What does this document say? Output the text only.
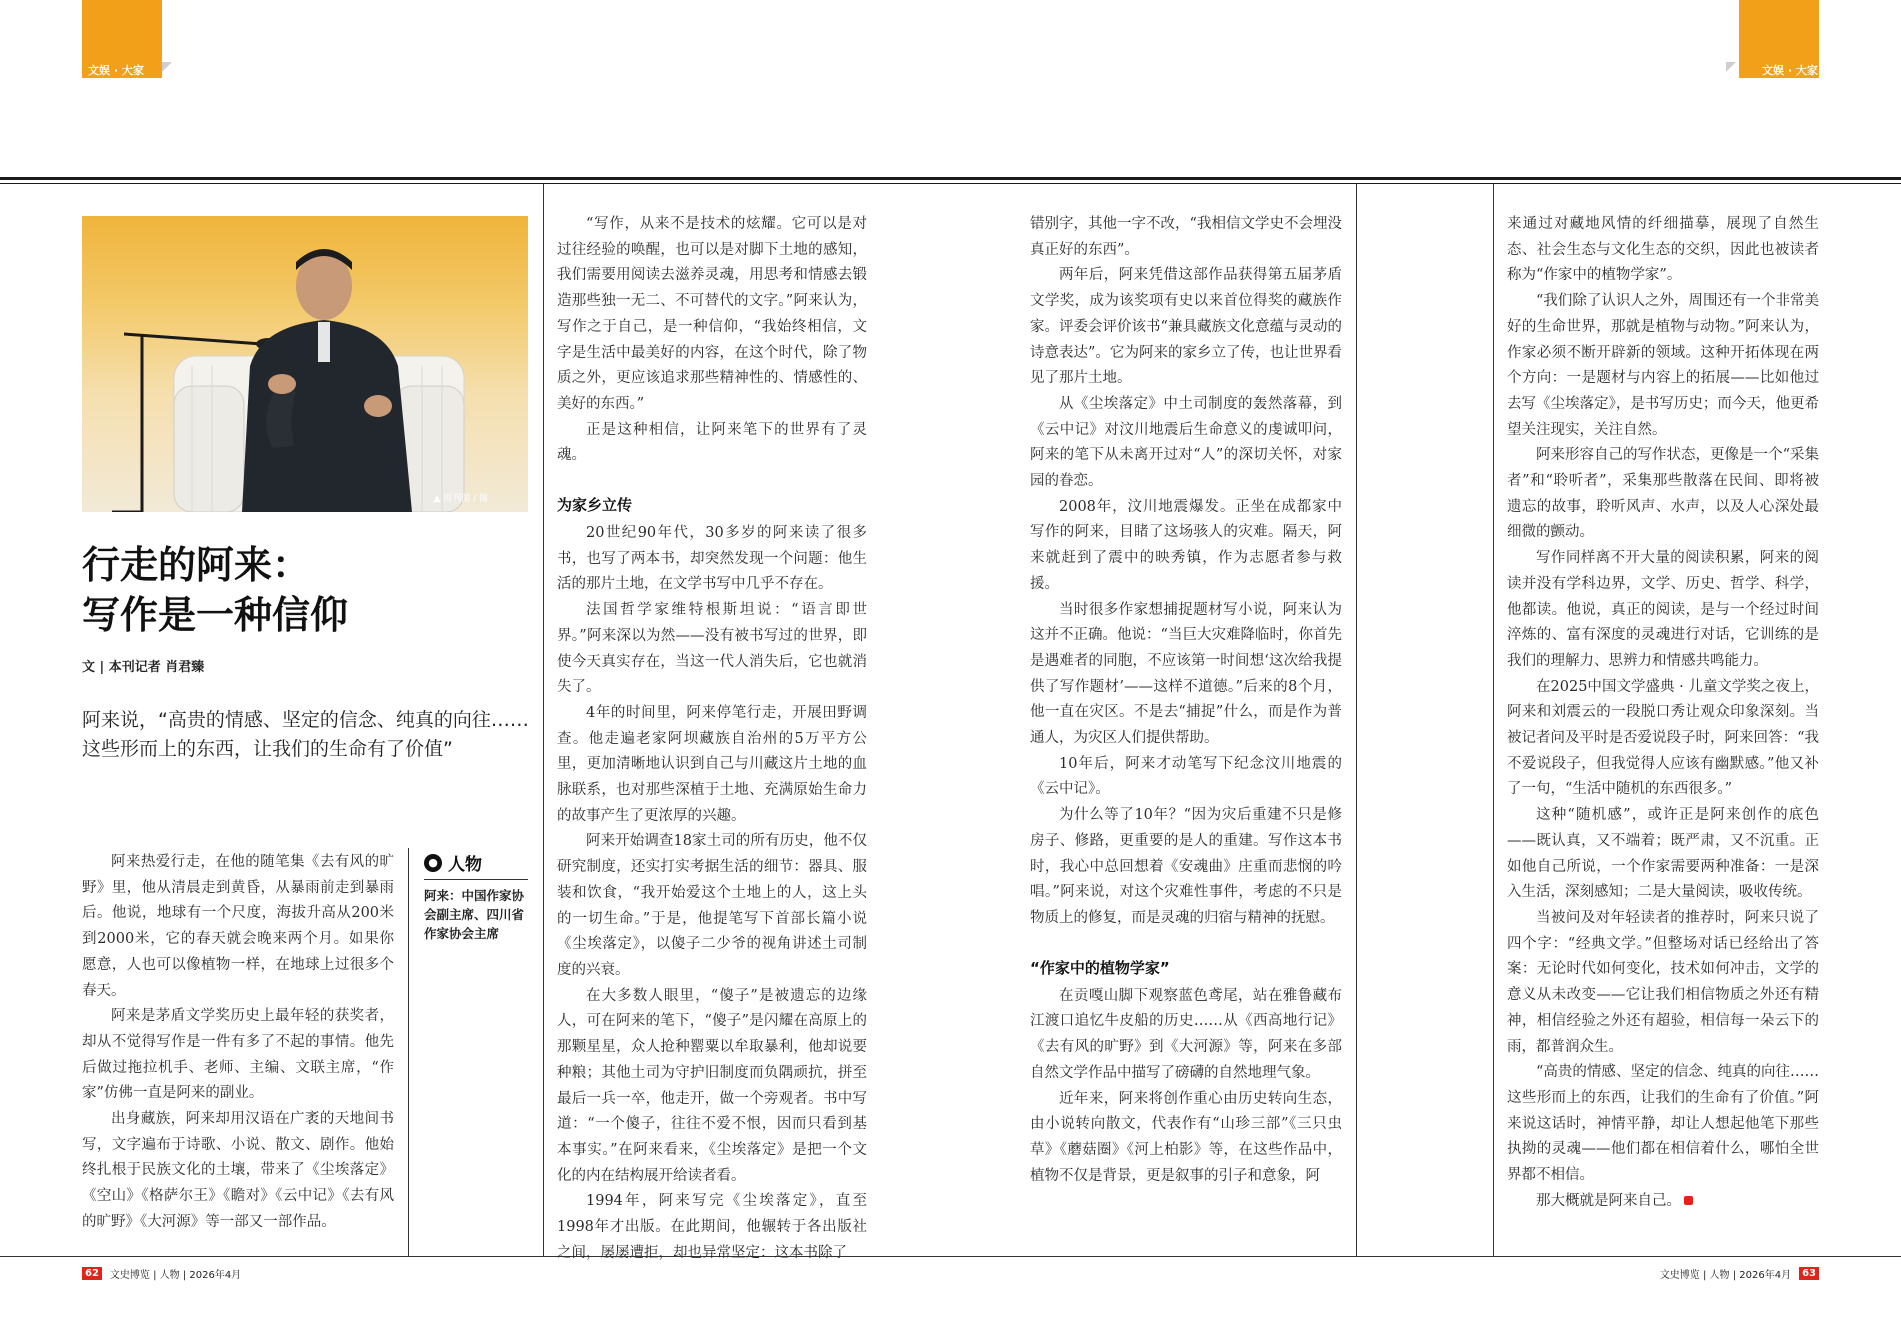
文娱 · 大家	文娱 · 大家
▲ 周刊图 / 图
行走的阿来：
写作是一种信仰
文 | 本刊记者 肖君臻
阿来说，“高贵的情感、坚定的信念、纯真的向往……这些形而上的东西，让我们的生命有了价值”

阿来热爱行走，在他的随笔集《去有风的旷野》里，他从清晨走到黄昏，从暴雨前走到暴雨后。他说，地球有一个尺度，海拔升高从200米到2000米，它的春天就会晚来两个月。如果你愿意，人也可以像植物一样，在地球上过很多个春天。

阿来是茅盾文学奖历史上最年轻的获奖者，却从不觉得写作是一件有多了不起的事情。他先后做过拖拉机手、老师、主编、文联主席，“作家”仿佛一直是阿来的副业。

出身藏族，阿来却用汉语在广袤的天地间书写，文字遍布于诗歌、小说、散文、剧作。他始终扎根于民族文化的土壤，带来了《尘埃落定》《空山》《格萨尔王》《瞻对》《云中记》《去有风的旷野》《大河源》等一部又一部作品。

● 人物
阿来：中国作家协会副主席、四川省作家协会主席

“写作，从来不是技术的炫耀。它可以是对过往经验的唤醒，也可以是对脚下土地的感知，我们需要用阅读去滋养灵魂，用思考和情感去锻造那些独一无二、不可替代的文字。”阿来认为，写作之于自己，是一种信仰，“我始终相信，文字是生活中最美好的内容，在这个时代，除了物质之外，更应该追求那些精神性的、情感性的、美好的东西。”

正是这种相信，让阿来笔下的世界有了灵魂。

为家乡立传

20世纪90年代，30多岁的阿来读了很多书，也写了两本书，却突然发现一个问题：他生活的那片土地，在文学书写中几乎不存在。

法国哲学家维特根斯坦说：“语言即世界。”阿来深以为然——没有被书写过的世界，即使今天真实存在，当这一代人消失后，它也就消失了。

4年的时间里，阿来停笔行走，开展田野调查。他走遍老家阿坝藏族自治州的5万平方公里，更加清晰地认识到自己与川藏这片土地的血脉联系，也对那些深植于土地、充满原始生命力的故事产生了更浓厚的兴趣。

阿来开始调查18家土司的所有历史，他不仅研究制度，还实打实考据生活的细节：器具、服装和饮食，“我开始爱这个土地上的人，这上头的一切生命。”于是，他提笔写下首部长篇小说《尘埃落定》，以傻子二少爷的视角讲述土司制度的兴衰。

在大多数人眼里，“傻子”是被遗忘的边缘人，可在阿来的笔下，“傻子”是闪耀在高原上的那颗星星，众人抢种罂粟以牟取暴利，他却说要种粮；其他土司为守护旧制度而负隅顽抗，拼至最后一兵一卒，他走开，做一个旁观者。书中写道：“一个傻子，往往不爱不恨，因而只看到基本事实。”在阿来看来，《尘埃落定》是把一个文化的内在结构展开给读者看。

1994年，阿来写完《尘埃落定》，直至1998年才出版。在此期间，他辗转于各出版社之间，屡屡遭拒，却也异常坚定：这本书除了

错别字，其他一字不改，“我相信文学史不会埋没真正好的东西”。

两年后，阿来凭借这部作品获得第五届茅盾文学奖，成为该奖项有史以来首位得奖的藏族作家。评委会评价该书“兼具藏族文化意蕴与灵动的诗意表达”。它为阿来的家乡立了传，也让世界看见了那片土地。

从《尘埃落定》中土司制度的轰然落幕，到《云中记》对汶川地震后生命意义的虔诚叩问，阿来的笔下从未离开过对“人”的深切关怀，对家园的眷恋。

2008年，汶川地震爆发。正坐在成都家中写作的阿来，目睹了这场骇人的灾难。隔天，阿来就赶到了震中的映秀镇，作为志愿者参与救援。

当时很多作家想捕捉题材写小说，阿来认为这并不正确。他说：“当巨大灾难降临时，你首先是遇难者的同胞，不应该第一时间想‘这次给我提供了写作题材’——这样不道德。”后来的8个月，他一直在灾区。不是去“捕捉”什么，而是作为普通人，为灾区人们提供帮助。

10年后，阿来才动笔写下纪念汶川地震的《云中记》。

为什么等了10年？“因为灾后重建不只是修房子、修路，更重要的是人的重建。写作这本书时，我心中总回想着《安魂曲》庄重而悲悯的吟唱。”阿来说，对这个灾难性事件，考虑的不只是物质上的修复，而是灵魂的归宿与精神的抚慰。

“作家中的植物学家”

在贡嘎山脚下观察蓝色鸢尾，站在雅鲁藏布江渡口追忆牛皮船的历史……从《西高地行记》《去有风的旷野》到《大河源》等，阿来在多部自然文学作品中描写了磅礴的自然地理气象。

近年来，阿来将创作重心由历史转向生态，由小说转向散文，代表作有“山珍三部”《三只虫草》《蘑菇圈》《河上柏影》等，在这些作品中，植物不仅是背景，更是叙事的引子和意象，阿

来通过对藏地风情的纤细描摹，展现了自然生态、社会生态与文化生态的交织，因此也被读者称为“作家中的植物学家”。

“我们除了认识人之外，周围还有一个非常美好的生命世界，那就是植物与动物。”阿来认为，作家必须不断开辟新的领域。这种开拓体现在两个方向：一是题材与内容上的拓展——比如他过去写《尘埃落定》，是书写历史；而今天，他更希望关注现实，关注自然。

阿来形容自己的写作状态，更像是一个“采集者”和“聆听者”，采集那些散落在民间、即将被遗忘的故事，聆听风声、水声，以及人心深处最细微的颤动。

写作同样离不开大量的阅读积累，阿来的阅读并没有学科边界，文学、历史、哲学、科学，他都读。他说，真正的阅读，是与一个经过时间淬炼的、富有深度的灵魂进行对话，它训练的是我们的理解力、思辨力和情感共鸣能力。

在2025中国文学盛典 · 儿童文学奖之夜上，阿来和刘震云的一段脱口秀让观众印象深刻。当被记者问及平时是否爱说段子时，阿来回答：“我不爱说段子，但我觉得人应该有幽默感。”他又补了一句，“生活中随机的东西很多。”

这种“随机感”，或许正是阿来创作的底色——既认真，又不端着；既严肃，又不沉重。正如他自己所说，一个作家需要两种准备：一是深入生活，深刻感知；二是大量阅读，吸收传统。

当被问及对年轻读者的推荐时，阿来只说了四个字：“经典文学。”但整场对话已经给出了答案：无论时代如何变化，技术如何冲击，文学的意义从未改变——它让我们相信物质之外还有精神，相信经验之外还有超验，相信每一朵云下的雨，都普润众生。

“高贵的情感、坚定的信念、纯真的向往……这些形而上的东西，让我们的生命有了价值。”阿来说这话时，神情平静，却让人想起他笔下那些执拗的灵魂——他们都在相信着什么，哪怕全世界都不相信。

那大概就是阿来自己。

62	文史博览 | 人物 | 2026年4月	文史博览 | 人物 | 2026年4月	63
